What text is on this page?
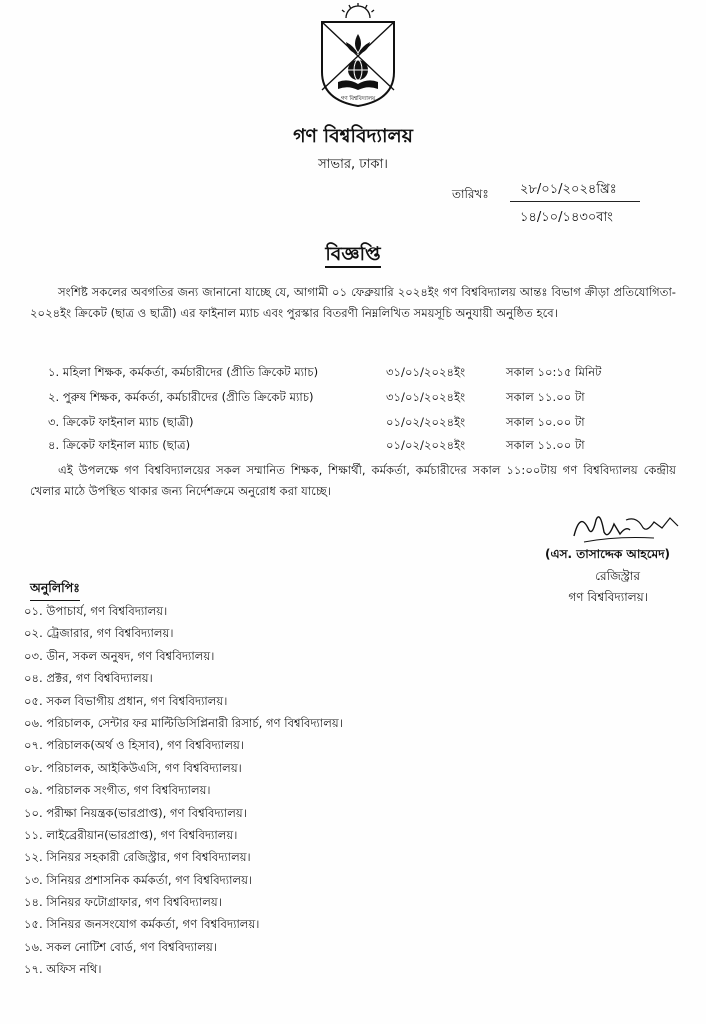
গণ বিশ্ববিদ্যালয়
গণ বিশ্ববিদ্যালয়
সাভার, ঢাকা।
তারিখঃ ২৮/০১/২০২৪খ্রিঃ
১৪/১০/১৪৩০বাং
বিজ্ঞপ্তি
সংশিষ্ট সকলের অবগতির জন্য জানানো যাচ্ছে যে, আগামী ০১ ফেব্রুয়ারি ২০২৪ইং গণ বিশ্ববিদ্যালয় আন্তঃ বিভাগ ক্রীড়া প্রতিযোগিতা- ২০২৪ইং ক্রিকেট (ছাত্র ও ছাত্রী) এর ফাইনাল ম্যাচ এবং পুরস্কার বিতরণী নিম্নলিখিত সময়সূচি অনুযায়ী অনুষ্ঠিত হবে।
১. মহিলা শিক্ষক, কর্মকর্তা, কর্মচারীদের (প্রীতি ক্রিকেট ম্যাচ)	৩১/০১/২০২৪ইং	সকাল ১০:১৫ মিনিট
২. পুরুষ শিক্ষক, কর্মকর্তা, কর্মচারীদের (প্রীতি ক্রিকেট ম্যাচ)	৩১/০১/২০২৪ইং	সকাল ১১.০০ টা
৩. ক্রিকেট ফাইনাল ম্যাচ (ছাত্রী)	০১/০২/২০২৪ইং	সকাল ১০.০০ টা
৪. ক্রিকেট ফাইনাল ম্যাচ (ছাত্র)	০১/০২/২০২৪ইং	সকাল ১১.০০ টা
এই উপলক্ষে গণ বিশ্ববিদ্যালয়ের সকল সম্মানিত শিক্ষক, শিক্ষার্থী, কর্মকর্তা, কর্মচারীদের সকাল ১১:০০টায় গণ বিশ্ববিদ্যালয় কেন্দ্রীয় খেলার মাঠে উপস্থিত থাকার জন্য নির্দেশক্রমে অনুরোধ করা যাচ্ছে।
(এস. তাসাদ্দেক আহমেদ)
রেজিস্ট্রার
গণ বিশ্ববিদ্যালয়।
অনুলিপিঃ
০১. উপাচার্য, গণ বিশ্ববিদ্যালয়।
০২. ট্রেজারার, গণ বিশ্ববিদ্যালয়।
০৩. ডীন, সকল অনুষদ, গণ বিশ্ববিদ্যালয়।
০৪. প্রক্টর, গণ বিশ্ববিদ্যালয়।
০৫. সকল বিভাগীয় প্রধান, গণ বিশ্ববিদ্যালয়।
০৬. পরিচালক, সেন্টার ফর মাল্টিডিসিপ্লিনারী রিসার্চ, গণ বিশ্ববিদ্যালয়।
০৭. পরিচালক(অর্থ ও হিসাব), গণ বিশ্ববিদ্যালয়।
০৮. পরিচালক, আইকিউএসি, গণ বিশ্ববিদ্যালয়।
০৯. পরিচালক সংগীত, গণ বিশ্ববিদ্যালয়।
১০. পরীক্ষা নিয়ন্ত্রক(ভারপ্রাপ্ত), গণ বিশ্ববিদ্যালয়।
১১. লাইব্রেরীয়ান(ভারপ্রাপ্ত), গণ বিশ্ববিদ্যালয়।
১২. সিনিয়র সহকারী রেজিস্ট্রার, গণ বিশ্ববিদ্যালয়।
১৩. সিনিয়র প্রশাসনিক কর্মকর্তা, গণ বিশ্ববিদ্যালয়।
১৪. সিনিয়র ফটোগ্রাফার, গণ বিশ্ববিদ্যালয়।
১৫. সিনিয়র জনসংযোগ কর্মকর্তা, গণ বিশ্ববিদ্যালয়।
১৬. সকল নোটিশ বোর্ড, গণ বিশ্ববিদ্যালয়।
১৭. অফিস নথি।
